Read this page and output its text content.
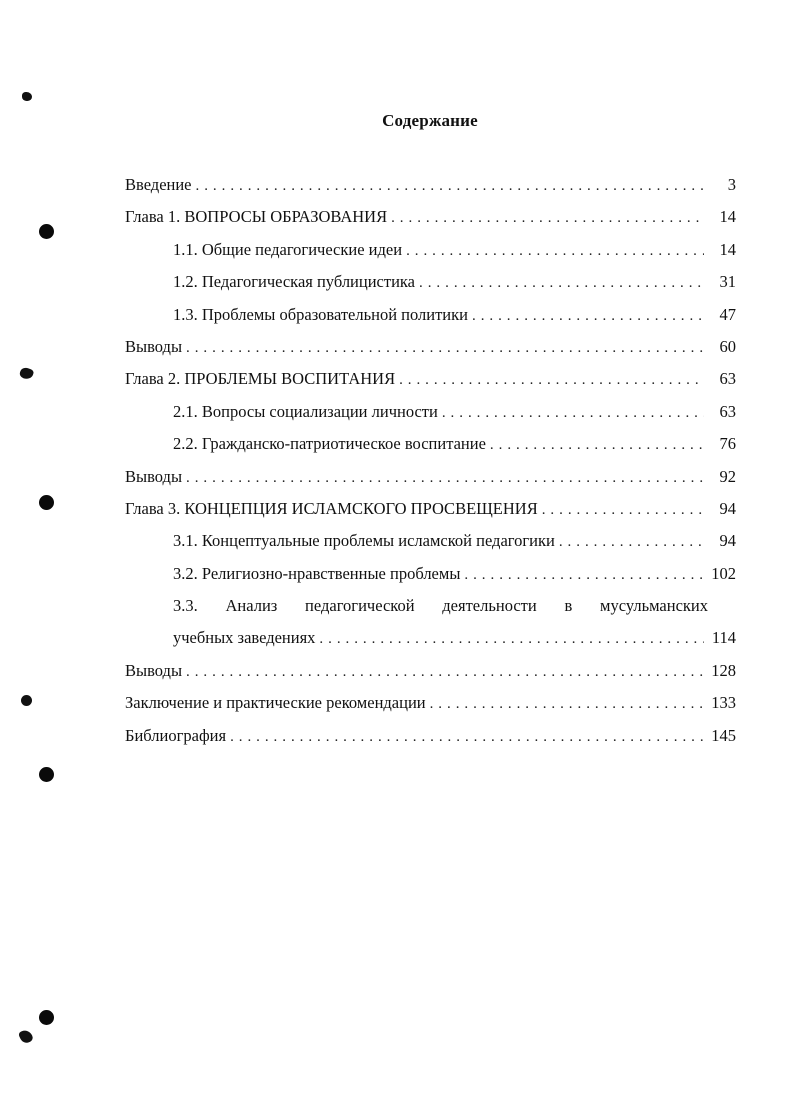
Содержание
Введение . . .	3
Глава 1. ВОПРОСЫ ОБРАЗОВАНИЯ . . .	14
1.1. Общие педагогические идеи . . .	14
1.2. Педагогическая публицистика . . .	31
1.3. Проблемы образовательной политики . . .	47
Выводы . . .	60
Глава 2. ПРОБЛЕМЫ ВОСПИТАНИЯ . . .	63
2.1. Вопросы социализации личности . . .	63
2.2. Гражданско-патриотическое воспитание . . .	76
Выводы . . .	92
Глава 3. КОНЦЕПЦИЯ ИСЛАМСКОГО ПРОСВЕЩЕНИЯ . . .	94
3.1. Концептуальные проблемы исламской педагогики . . .	94
3.2. Религиозно-нравственные проблемы . . .	102
3.3. Анализ педагогической деятельности в мусульманских
учебных заведениях . . .	114
Выводы . . .	128
Заключение и практические рекомендации . . .	133
Библиография . . .	145
